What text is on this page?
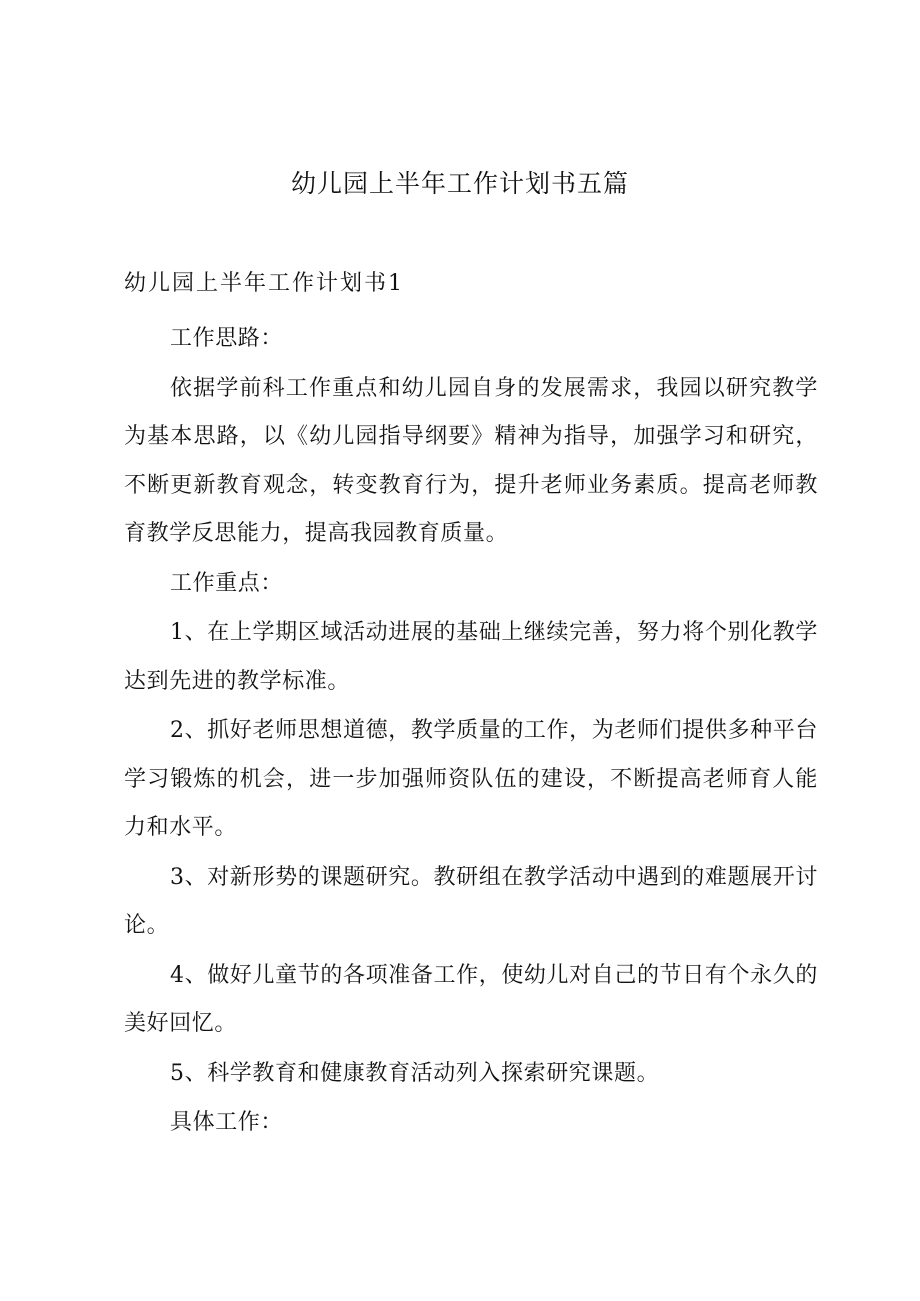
幼儿园上半年工作计划书五篇
幼儿园上半年工作计划书1

工作思路：

依据学前科工作重点和幼儿园自身的发展需求，我园以研究教学为基本思路，以《幼儿园指导纲要》精神为指导，加强学习和研究，不断更新教育观念，转变教育行为，提升老师业务素质。提高老师教育教学反思能力，提高我园教育质量。

工作重点：

1、在上学期区域活动进展的基础上继续完善，努力将个别化教学达到先进的教学标准。

2、抓好老师思想道德，教学质量的工作，为老师们提供多种平台学习锻炼的机会，进一步加强师资队伍的建设，不断提高老师育人能力和水平。

3、对新形势的课题研究。教研组在教学活动中遇到的难题展开讨论。

4、做好儿童节的各项准备工作，使幼儿对自己的节日有个永久的美好回忆。

5、科学教育和健康教育活动列入探索研究课题。

具体工作：
